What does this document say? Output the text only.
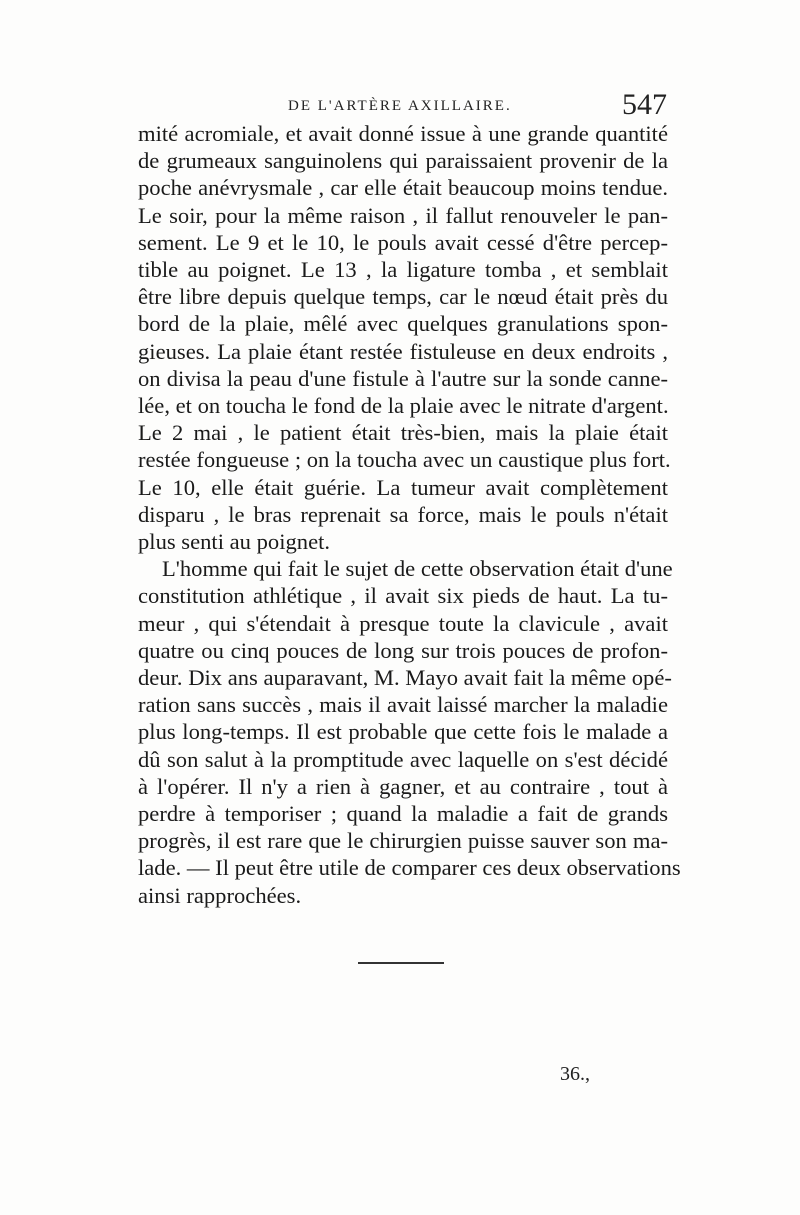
DE L'ARTÈRE AXILLAIRE.	547
mité acromiale, et avait donné issue à une grande quantité
de grumeaux sanguinolens qui paraissaient provenir de la
poche anévrysmale , car elle était beaucoup moins tendue.
Le soir, pour la même raison , il fallut renouveler le pan-
sement. Le 9 et le 10, le pouls avait cessé d'être percep-
tible au poignet. Le 13 , la ligature tomba , et semblait
être libre depuis quelque temps, car le nœud était près du
bord de la plaie, mêlé avec quelques granulations spon-
gieuses. La plaie étant restée fistuleuse en deux endroits ,
on divisa la peau d'une fistule à l'autre sur la sonde canne-
lée, et on toucha le fond de la plaie avec le nitrate d'argent.
Le 2 mai , le patient était très-bien, mais la plaie était
restée fongueuse ; on la toucha avec un caustique plus fort.
Le 10, elle était guérie. La tumeur avait complètement
disparu , le bras reprenait sa force, mais le pouls n'était
plus senti au poignet.
L'homme qui fait le sujet de cette observation était d'une
constitution athlétique , il avait six pieds de haut. La tu-
meur , qui s'étendait à presque toute la clavicule , avait
quatre ou cinq pouces de long sur trois pouces de profon-
deur. Dix ans auparavant, M. Mayo avait fait la même opé-
ration sans succès , mais il avait laissé marcher la maladie
plus long-temps. Il est probable que cette fois le malade a
dû son salut à la promptitude avec laquelle on s'est décidé
à l'opérer. Il n'y a rien à gagner, et au contraire , tout à
perdre à temporiser ; quand la maladie a fait de grands
progrès, il est rare que le chirurgien puisse sauver son ma-
lade. — Il peut être utile de comparer ces deux observations
ainsi rapprochées.
36.,
